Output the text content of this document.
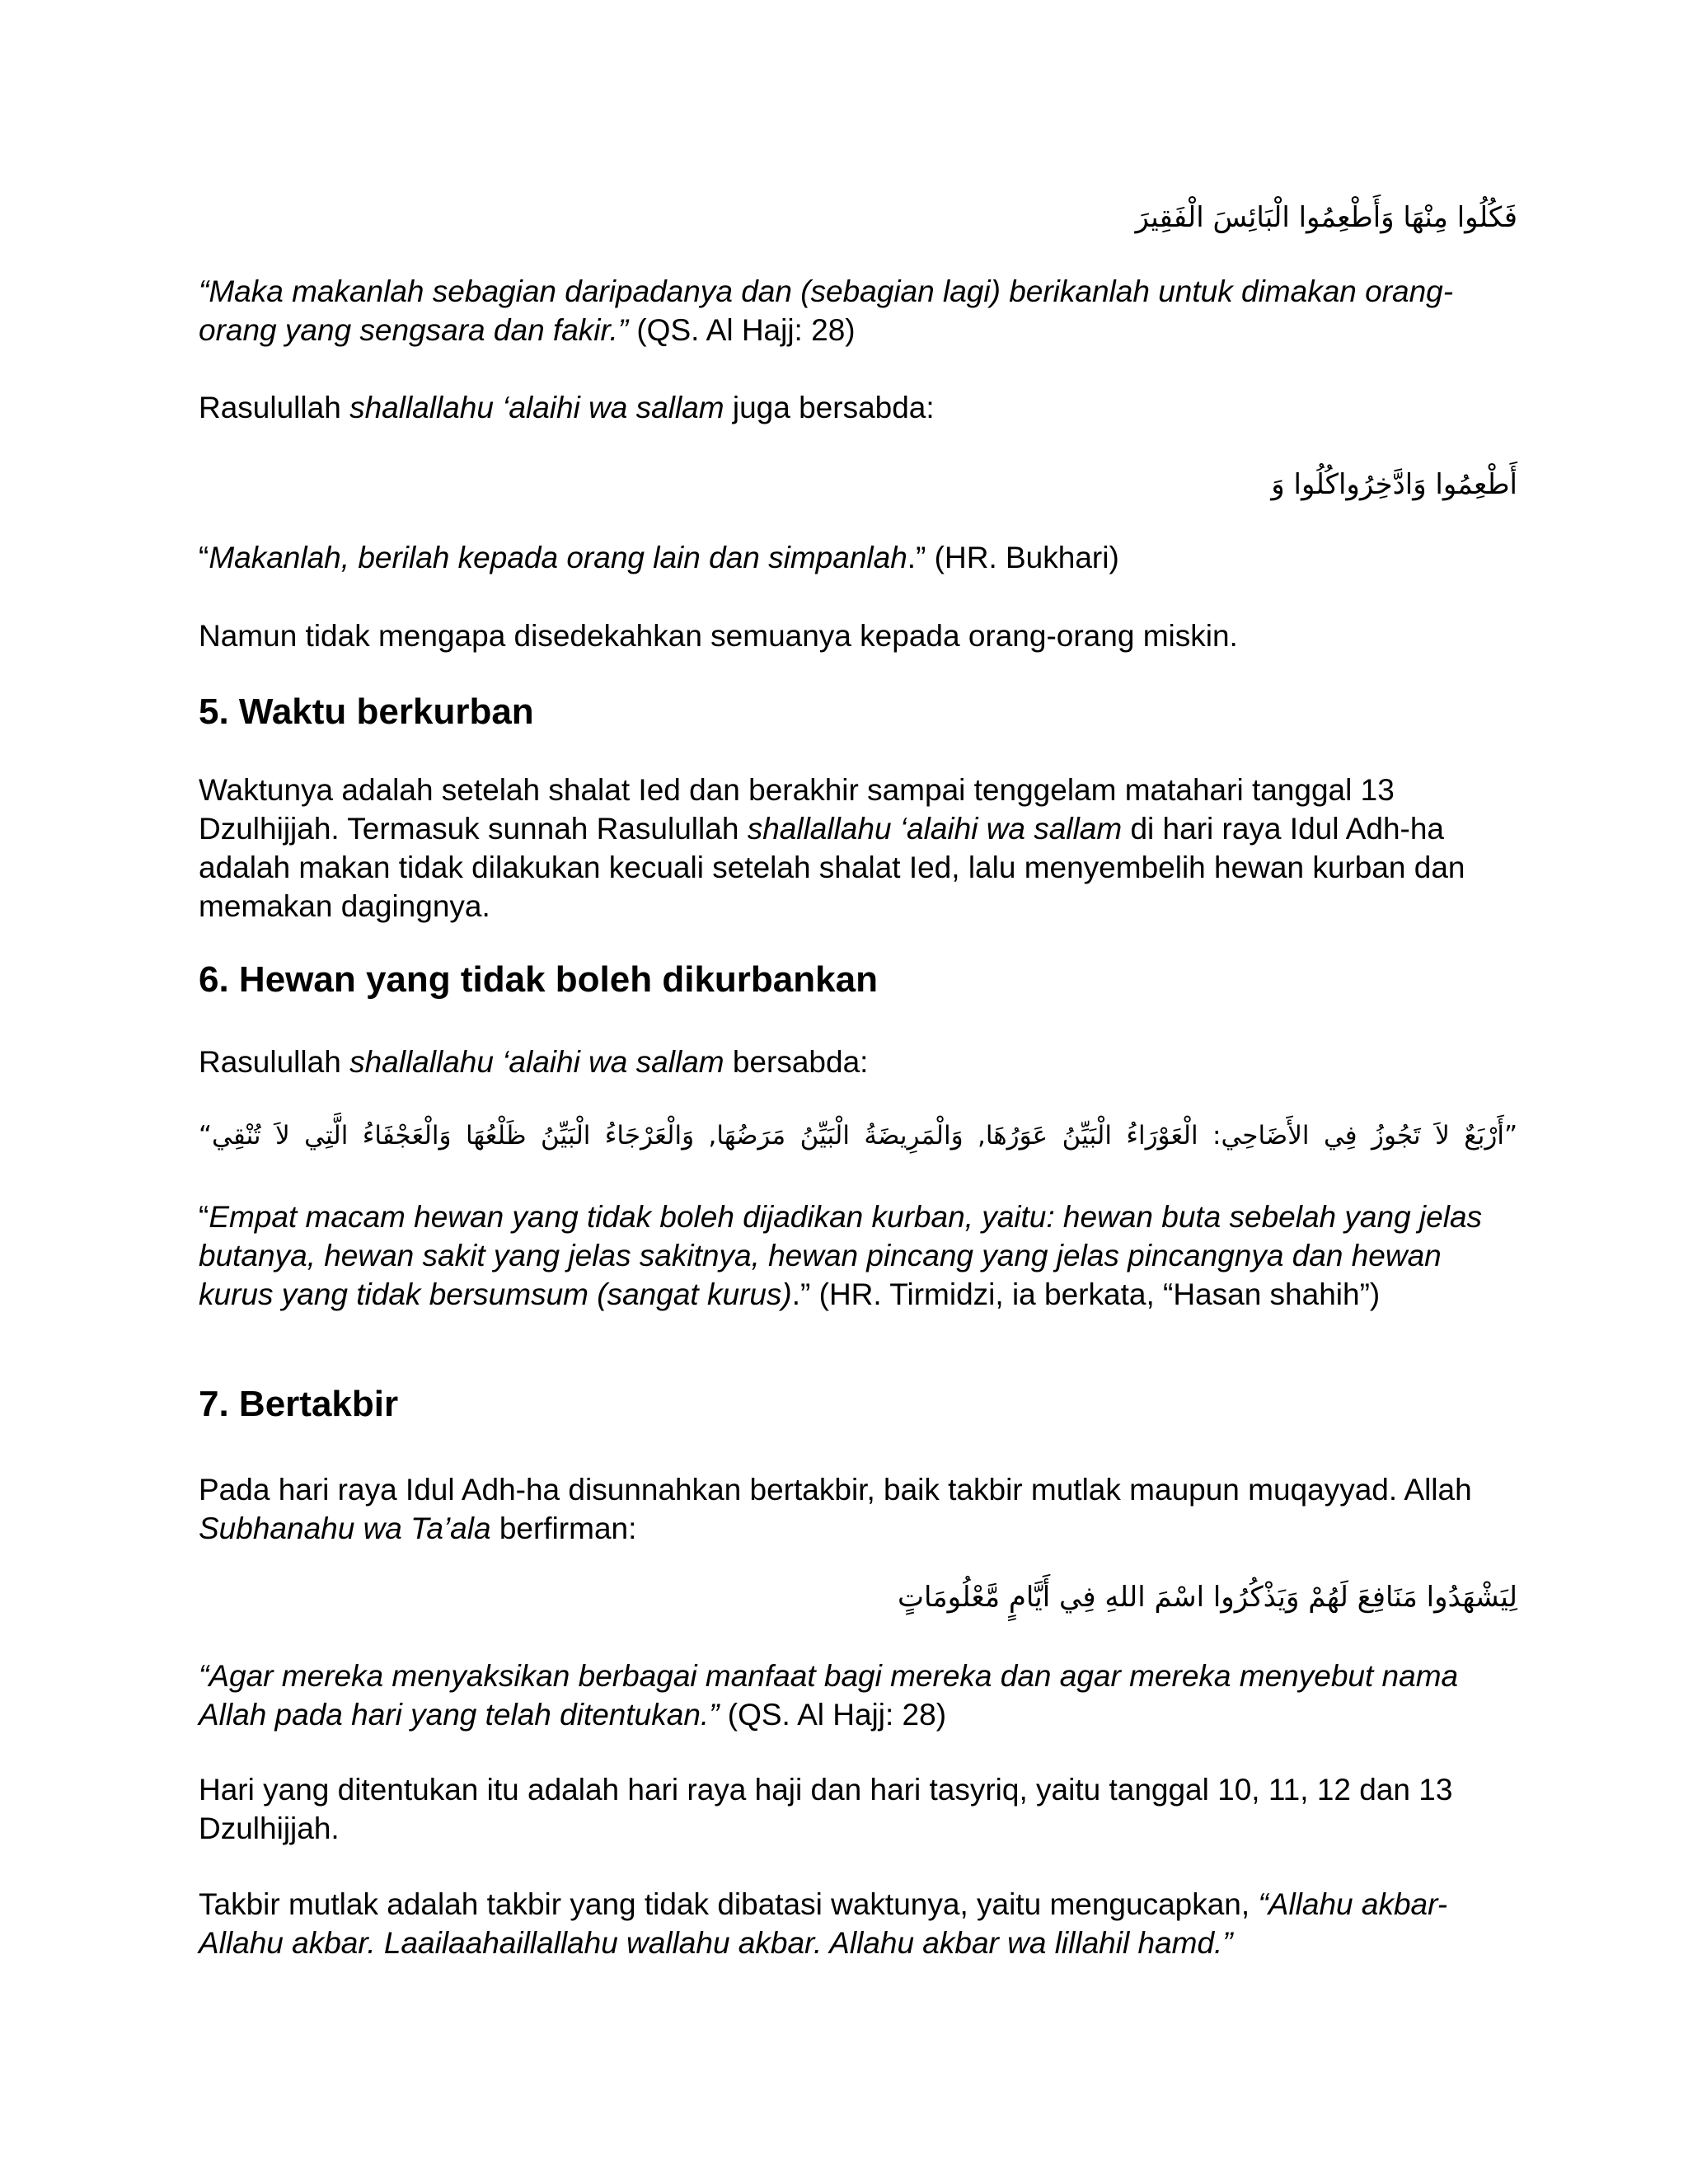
فَكُلُوا مِنْهَا وَأَطْعِمُوا الْبَائِسَ الْفَقِيرَ
“Maka makanlah sebagian daripadanya dan (sebagian lagi) berikanlah untuk dimakan orang-orang yang sengsara dan fakir.” (QS. Al Hajj: 28)
Rasulullah shallallahu ‘alaihi wa sallam juga bersabda:
أَطْعِمُوا وَادَّخِرُواكُلُوا وَ
“Makanlah, berilah kepada orang lain dan simpanlah.” (HR. Bukhari)
Namun tidak mengapa disedekahkan semuanya kepada orang-orang miskin.
5. Waktu berkurban
Waktunya adalah setelah shalat Ied dan berakhir sampai tenggelam matahari tanggal 13 Dzulhijjah. Termasuk sunnah Rasulullah shallallahu ‘alaihi wa sallam di hari raya Idul Adh-ha adalah makan tidak dilakukan kecuali setelah shalat Ied, lalu menyembelih hewan kurban dan memakan dagingnya.
6. Hewan yang tidak boleh dikurbankan
Rasulullah shallallahu ‘alaihi wa sallam bersabda:
”أَرْبَعٌ لاَ تَجُوزُ فِي الأَضَاحِي: الْعَوْرَاءُ الْبَيِّنُ عَوَرُهَا, وَالْمَرِيضَةُ الْبَيِّنُ مَرَضُهَا, وَالْعَرْجَاءُ الْبَيِّنُ ظَلْعُهَا وَالْعَجْفَاءُ الَّتِي لاَ تُنْقِي“
“Empat macam hewan yang tidak boleh dijadikan kurban, yaitu: hewan buta sebelah yang jelas butanya, hewan sakit yang jelas sakitnya, hewan pincang yang jelas pincangnya dan hewan kurus yang tidak bersumsum (sangat kurus).” (HR. Tirmidzi, ia berkata, “Hasan shahih”)
7. Bertakbir
Pada hari raya Idul Adh-ha disunnahkan bertakbir, baik takbir mutlak maupun muqayyad. Allah Subhanahu wa Ta’ala berfirman:
لِيَشْهَدُوا مَنَافِعَ لَهُمْ وَيَذْكُرُوا اسْمَ اللهِ فِي أَيَّامٍ مَّعْلُومَاتٍ
“Agar mereka menyaksikan berbagai manfaat bagi mereka dan agar mereka menyebut nama Allah pada hari yang telah ditentukan.” (QS. Al Hajj: 28)
Hari yang ditentukan itu adalah hari raya haji dan hari tasyriq, yaitu tanggal 10, 11, 12 dan 13 Dzulhijjah.
Takbir mutlak adalah takbir yang tidak dibatasi waktunya, yaitu mengucapkan, “Allahu akbar-Allahu akbar. Laailaahaillallahu wallahu akbar. Allahu akbar wa lillahil hamd.”
